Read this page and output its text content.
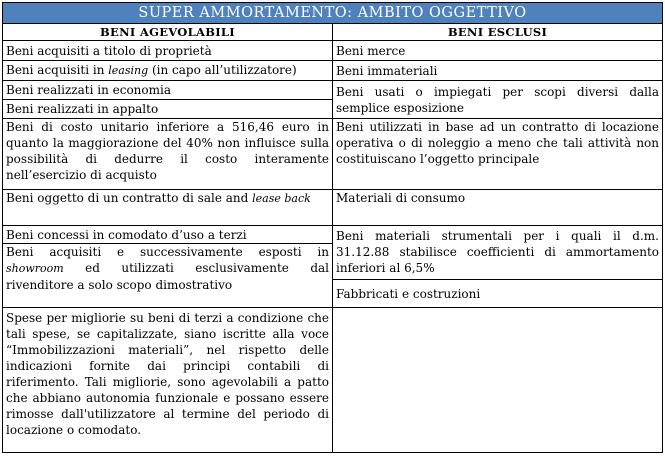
SUPER AMMORTAMENTO: AMBITO OGGETTIVO	
BENI AGEVOLABILI	BENI ESCLUSI
Beni acquisiti a titolo di proprietà	Beni merce
Beni acquisiti in leasing (in capo all’utilizzatore)	Beni immateriali
Beni realizzati in economia	Beni usati o impiegati per scopi diversi dalla semplice esposizione
Beni realizzati in appalto	
Beni di costo unitario inferiore a 516,46 euro in quanto la maggiorazione del 40% non influisce sulla possibilità di dedurre il costo interamente nell’esercizio di acquisto	Beni utilizzati in base ad un contratto di locazione operativa o di noleggio a meno che tali attività non costituiscano l’oggetto principale
Beni oggetto di un contratto di sale and lease back	Materiali di consumo
Beni concessi in comodato d’uso a terzi	Beni materiali strumentali per i quali il d.m. 31.12.88 stabilisce coefficienti di ammortamento inferiori al 6,5%
Beni acquisiti e successivamente esposti in showroom ed utilizzati esclusivamente dal rivenditore a solo scopo dimostrativo	
	Fabbricati e costruzioni
Spese per migliorie su beni di terzi a condizione che tali spese, se capitalizzate, siano iscritte alla voce “Immobilizzazioni materiali”, nel rispetto delle indicazioni fornite dai principi contabili di riferimento. Tali migliorie, sono agevolabili a patto che abbiano autonomia funzionale e possano essere rimosse dall'utilizzatore al termine del periodo di locazione o comodato.	
